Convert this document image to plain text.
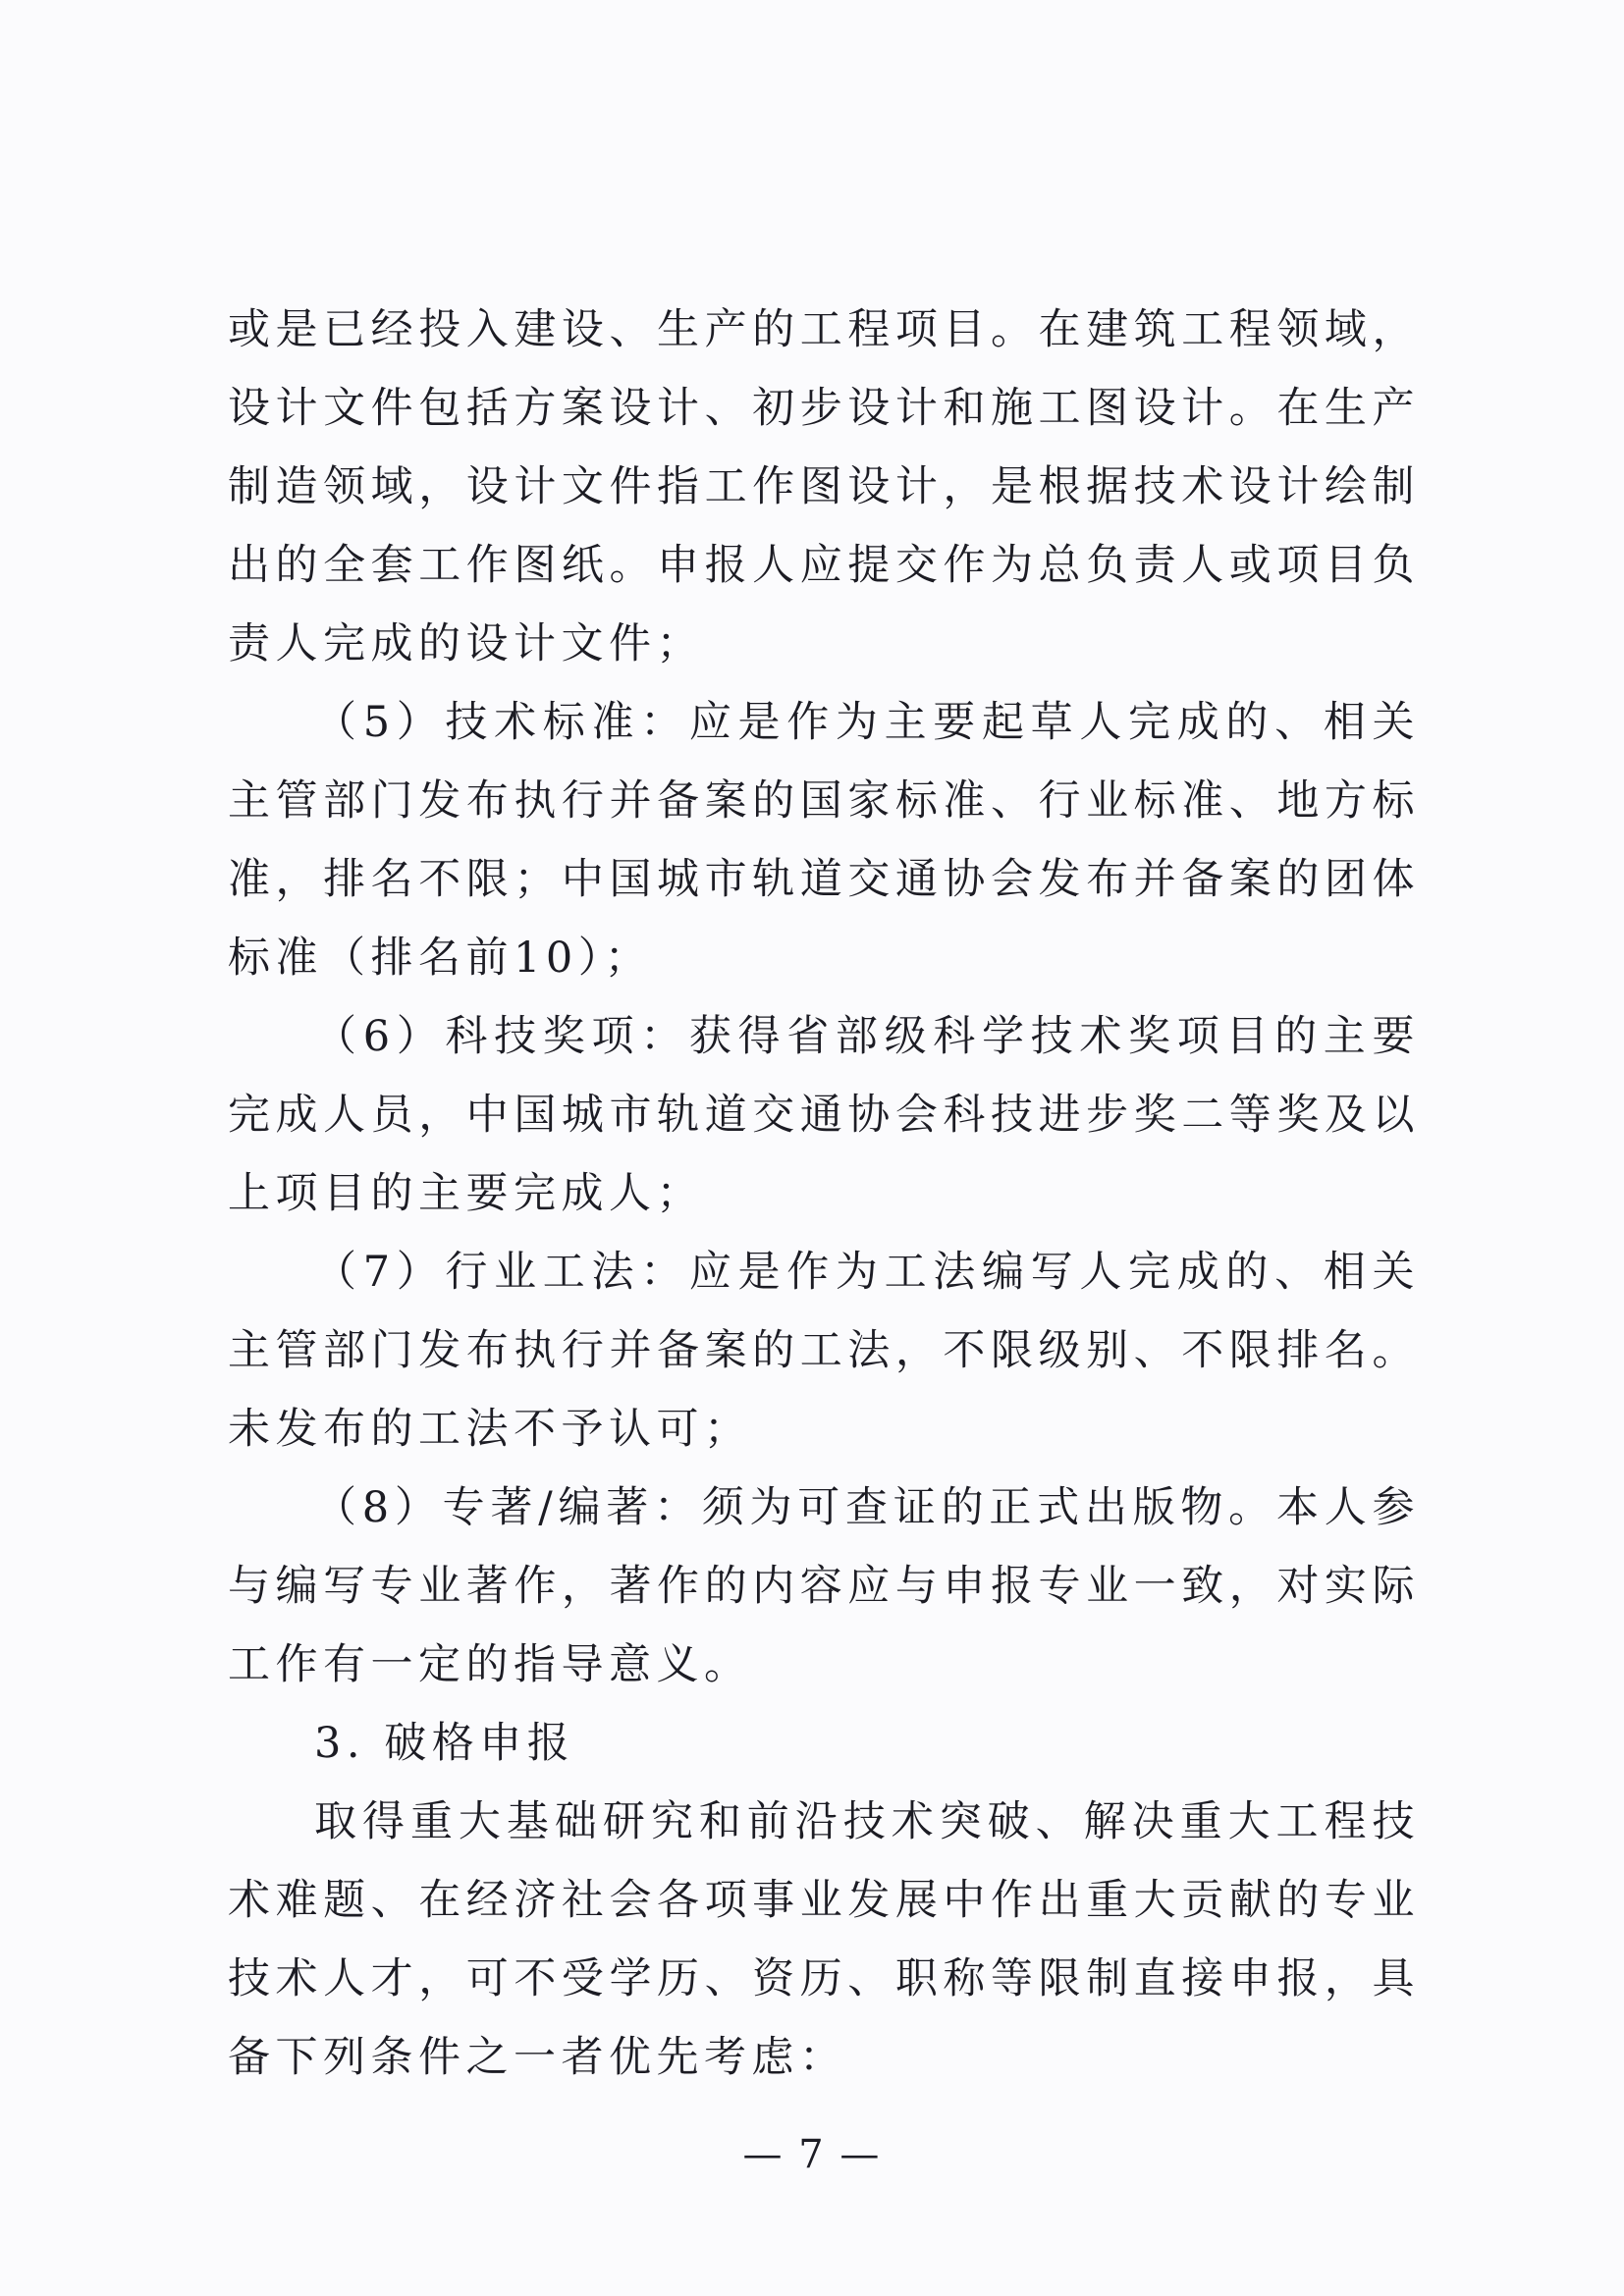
或是已经投入建设、生产的工程项目。在建筑工程领域，设计文件包括方案设计、初步设计和施工图设计。在生产制造领域，设计文件指工作图设计，是根据技术设计绘制出的全套工作图纸。申报人应提交作为总负责人或项目负责人完成的设计文件；

（5）技术标准：应是作为主要起草人完成的、相关主管部门发布执行并备案的国家标准、行业标准、地方标准，排名不限；中国城市轨道交通协会发布并备案的团体标准（排名前10）；

（6）科技奖项：获得省部级科学技术奖项目的主要完成人员，中国城市轨道交通协会科技进步奖二等奖及以上项目的主要完成人；

（7）行业工法：应是作为工法编写人完成的、相关主管部门发布执行并备案的工法，不限级别、不限排名。未发布的工法不予认可；

（8）专著/编著：须为可查证的正式出版物。本人参与编写专业著作，著作的内容应与申报专业一致，对实际工作有一定的指导意义。

3. 破格申报

取得重大基础研究和前沿技术突破、解决重大工程技术难题、在经济社会各项事业发展中作出重大贡献的专业技术人才，可不受学历、资历、职称等限制直接申报，具备下列条件之一者优先考虑：

— 7 —
